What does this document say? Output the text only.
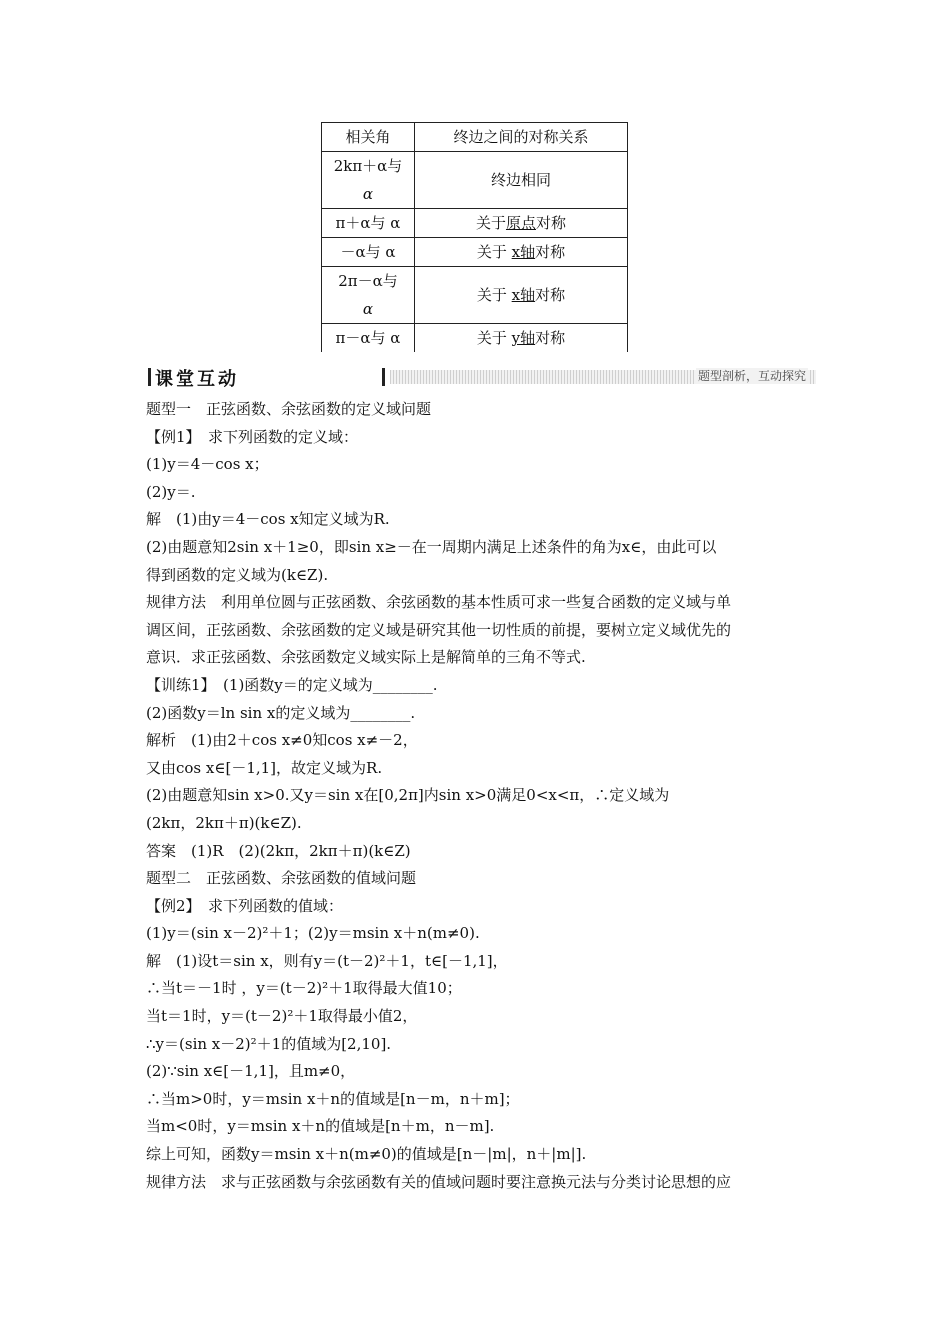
相关角	终边之间的对称关系

2kπ＋α与
α	终边相同
π＋α与 α	关于原点对称
－α与 α	关于 x轴对称

2π－α与
α	关于 x轴对称
π－α与 α	关于 y轴对称
课堂互动	题型剖析，互动探究
题型一　正弦函数、余弦函数的定义域问题
【例1】　求下列函数的定义域：
(1)y＝4－cos x；
(2)y＝.
解　(1)由y＝4－cos x知定义域为R.
(2)由题意知2sin x＋1≥0，即sin x≥－在一周期内满足上述条件的角为x∈，由此可以
得到函数的定义域为(k∈Z).
规律方法　利用单位圆与正弦函数、余弦函数的基本性质可求一些复合函数的定义域与单
调区间，正弦函数、余弦函数的定义域是研究其他一切性质的前提，要树立定义域优先的
意识．求正弦函数、余弦函数定义域实际上是解简单的三角不等式.
【训练1】　(1)函数y＝的定义域为________.
(2)函数y＝ln sin x的定义域为________.
解析　(1)由2＋cos x≠0知cos x≠－2，
又由cos x∈[－1,1]，故定义域为R.
(2)由题意知sin x>0.又y＝sin x在[0,2π]内sin x>0满足0<x<π，∴定义域为
(2kπ，2kπ＋π)(k∈Z).
答案　(1)R　(2)(2kπ，2kπ＋π)(k∈Z)
题型二　正弦函数、余弦函数的值域问题
【例2】　求下列函数的值域：
(1)y＝(sin x－2)²＋1；(2)y＝msin x＋n(m≠0).
解　(1)设t＝sin x，则有y＝(t－2)²＋1，t∈[－1,1]，
∴当t＝－1时 ，y＝(t－2)²＋1取得最大值10；
当t＝1时，y＝(t－2)²＋1取得最小值2，
∴y＝(sin x－2)²＋1的值域为[2,10].
(2)∵sin x∈[－1,1]，且m≠0，
∴当m>0时，y＝msin x＋n的值域是[n－m，n＋m]；
当m<0时，y＝msin x＋n的值域是[n＋m，n－m].
综上可知，函数y＝msin x＋n(m≠0)的值域是[n－|m|，n＋|m|].
规律方法　求与正弦函数与余弦函数有关的值域问题时要注意换元法与分类讨论思想的应
